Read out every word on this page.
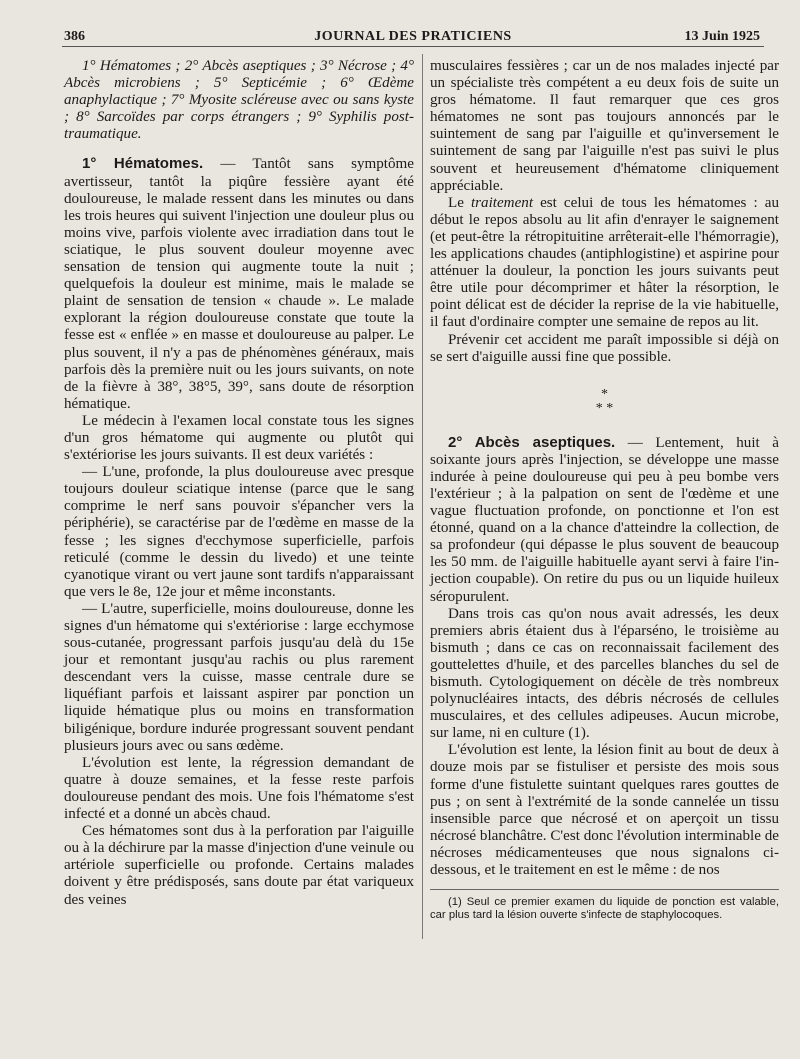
386	JOURNAL DES PRATICIENS	13 Juin 1925

1° Hématomes ; 2° Abcès aseptiques ; 3° Nécrose ; 4° Abcès microbiens ; 5° Septicémie ; 6° Œdème anaphylactique ; 7° Myosite scléreuse avec ou sans kyste ; 8° Sarcoïdes par corps étrangers ; 9° Syphilis post-traumatique.

1° Hématomes. — Tantôt sans symptôme avertisseur, tantôt la piqûre fessière ayant été douloureuse, le malade ressent dans les minutes ou dans les trois heures qui suivent l'injection une douleur plus ou moins vive, parfois violente avec irradiation dans tout le sciatique, le plus souvent douleur moyenne avec sensation de tension qui augmente toute la nuit ; quelquefois la douleur est minime, mais le malade se plaint de sensation de tension « chaude ». Le malade explorant la région douloureuse constate que toute la fesse est « enflée » en masse et douloureuse au palper. Le plus souvent, il n'y a pas de phénomènes généraux, mais parfois dès la première nuit ou les jours suivants, on note de la fièvre à 38°, 38°5, 39°, sans doute de résorption hématique.

Le médecin à l'examen local constate tous les signes d'un gros hématome qui augmente ou plutôt qui s'extériorise les jours suivants. Il est deux variétés :

— L'une, profonde, la plus douloureuse avec presque toujours douleur sciatique intense (parce que le sang comprime le nerf sans pouvoir s'épancher vers la périphérie), se caractérise par de l'œdème en masse de la fesse ; les signes d'ecchymose superficielle, parfois reticulé (comme le dessin du livedo) et une teinte cyanotique virant ou vert jaune sont tardifs n'apparaissant que vers le 8e, 12e jour et même inconstants.

— L'autre, superficielle, moins douloureuse, donne les signes d'un hématome qui s'extériorise : large ecchymose sous-cutanée, progressant parfois jusqu'au delà du 15e jour et remontant jusqu'au rachis ou plus rarement descendant vers la cuisse, masse centrale dure se liquéfiant parfois et laissant aspirer par ponction un liquide hématique plus ou moins en transformation biligénique, bordure indurée progressant souvent pendant plusieurs jours avec ou sans œdème.

L'évolution est lente, la régression demandant de quatre à douze semaines, et la fesse reste parfois douloureuse pendant des mois. Une fois l'hématome s'est infecté et a donné un abcès chaud.

Ces hématomes sont dus à la perforation par l'aiguille ou à la déchirure par la masse d'injection d'une veinule ou artériole superficielle ou profonde. Certains malades doivent y être prédisposés, sans doute par état variqueux des veines

musculaires fessières ; car un de nos malades injecté par un spécialiste très compétent a eu deux fois de suite un gros hématome. Il faut remarquer que ces gros hématomes ne sont pas toujours annoncés par le suintement de sang par l'aiguille et qu'inversement le suintement de sang par l'aiguille n'est pas suivi le plus souvent et heureusement d'hématome cliniquement appréciable.

Le traitement est celui de tous les hématomes : au début le repos absolu au lit afin d'enrayer le saignement (et peut-être la rétropituitine arrêterait-elle l'hémorragie), les applications chaudes (antiphlogistine) et aspirine pour atténuer la douleur, la ponction les jours suivants peut être utile pour décomprimer et hâter la résorption, le point délicat est de décider la reprise de la vie habituelle, il faut d'ordinaire compter une semaine de repos au lit.

Prévenir cet accident me paraît impossible si déjà on se sert d'aiguille aussi fine que possible.

*
* *

2° Abcès aseptiques. — Lentement, huit à soixante jours après l'injection, se développe une masse indurée à peine douloureuse qui peu à peu bombe vers l'extérieur ; à la palpation on sent de l'œdème et une vague fluctuation profonde, on ponctionne et l'on est étonné, quand on a la chance d'atteindre la collection, de sa profondeur (qui dépasse le plus souvent de beaucoup les 50 mm. de l'aiguille habituelle ayant servi à faire l'injection coupable). On retire du pus ou un liquide huileux séropurulent.

Dans trois cas qu'on nous avait adressés, les deux premiers abris étaient dus à l'éparséno, le troisième au bismuth ; dans ce cas on reconnaissait facilement des gouttelettes d'huile, et des parcelles blanches du sel de bismuth. Cytologiquement on décèle de très nombreux polynucléaires intacts, des débris nécrosés de cellules musculaires, et des cellules adipeuses. Aucun microbe, sur lame, ni en culture (1).

L'évolution est lente, la lésion finit au bout de deux à douze mois par se fistuliser et persiste des mois sous forme d'une fistulette suintant quelques rares gouttes de pus ; on sent à l'extrémité de la sonde cannelée un tissu insensible parce que nécrosé et on aperçoit un tissu nécrosé blanchâtre. C'est donc l'évolution interminable de nécroses médicamenteuses que nous signalons ci-dessous, et le traitement en est le même : de nos

(1) Seul ce premier examen du liquide de ponction est valable, car plus tard la lésion ouverte s'infecte de staphylocoques.
